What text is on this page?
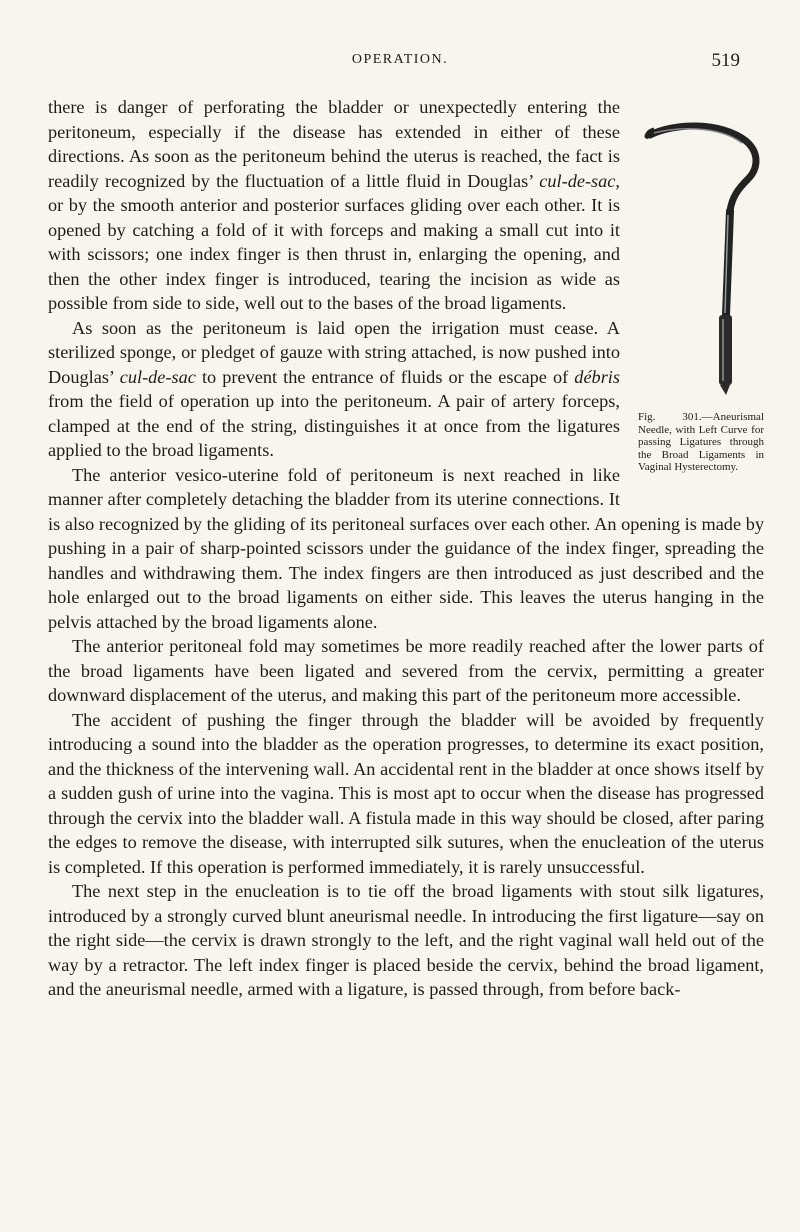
OPERATION.	519
Fig. 301.—Aneurismal Needle, with Left Curve for passing Ligatures through the Broad Ligaments in Vaginal Hysterectomy.

there is danger of perforating the bladder or unexpectedly entering the peritoneum, especially if the disease has extended in either of these directions. As soon as the peritoneum behind the uterus is reached, the fact is readily recognized by the fluctuation of a little fluid in Douglas’ cul-de-sac, or by the smooth anterior and posterior surfaces gliding over each other. It is opened by catching a fold of it with forceps and making a small cut into it with scissors; one index finger is then thrust in, enlarging the opening, and then the other index finger is introduced, tearing the incision as wide as possible from side to side, well out to the bases of the broad ligaments.

As soon as the peritoneum is laid open the irrigation must cease. A sterilized sponge, or pledget of gauze with string attached, is now pushed into Douglas’ cul-de-sac to prevent the entrance of fluids or the escape of débris from the field of operation up into the peritoneum. A pair of artery forceps, clamped at the end of the string, distinguishes it at once from the ligatures applied to the broad ligaments.

The anterior vesico-uterine fold of peritoneum is next reached in like manner after completely detaching the bladder from its uterine connections. It is also recognized by the gliding of its peritoneal surfaces over each other. An opening is made by pushing in a pair of sharp-pointed scissors under the guidance of the index finger, spreading the handles and withdrawing them. The index fingers are then introduced as just described and the hole enlarged out to the broad ligaments on either side. This leaves the uterus hanging in the pelvis attached by the broad ligaments alone.

The anterior peritoneal fold may sometimes be more readily reached after the lower parts of the broad ligaments have been ligated and severed from the cervix, permitting a greater downward displacement of the uterus, and making this part of the peritoneum more accessible.

The accident of pushing the finger through the bladder will be avoided by frequently introducing a sound into the bladder as the operation progresses, to determine its exact position, and the thickness of the intervening wall. An accidental rent in the bladder at once shows itself by a sudden gush of urine into the vagina. This is most apt to occur when the disease has progressed through the cervix into the bladder wall. A fistula made in this way should be closed, after paring the edges to remove the disease, with interrupted silk sutures, when the enucleation of the uterus is completed. If this operation is performed immediately, it is rarely unsuccessful.

The next step in the enucleation is to tie off the broad ligaments with stout silk ligatures, introduced by a strongly curved blunt aneurismal needle. In introducing the first ligature—say on the right side—the cervix is drawn strongly to the left, and the right vaginal wall held out of the way by a retractor. The left index finger is placed beside the cervix, behind the broad ligament, and the aneurismal needle, armed with a ligature, is passed through, from before back-
